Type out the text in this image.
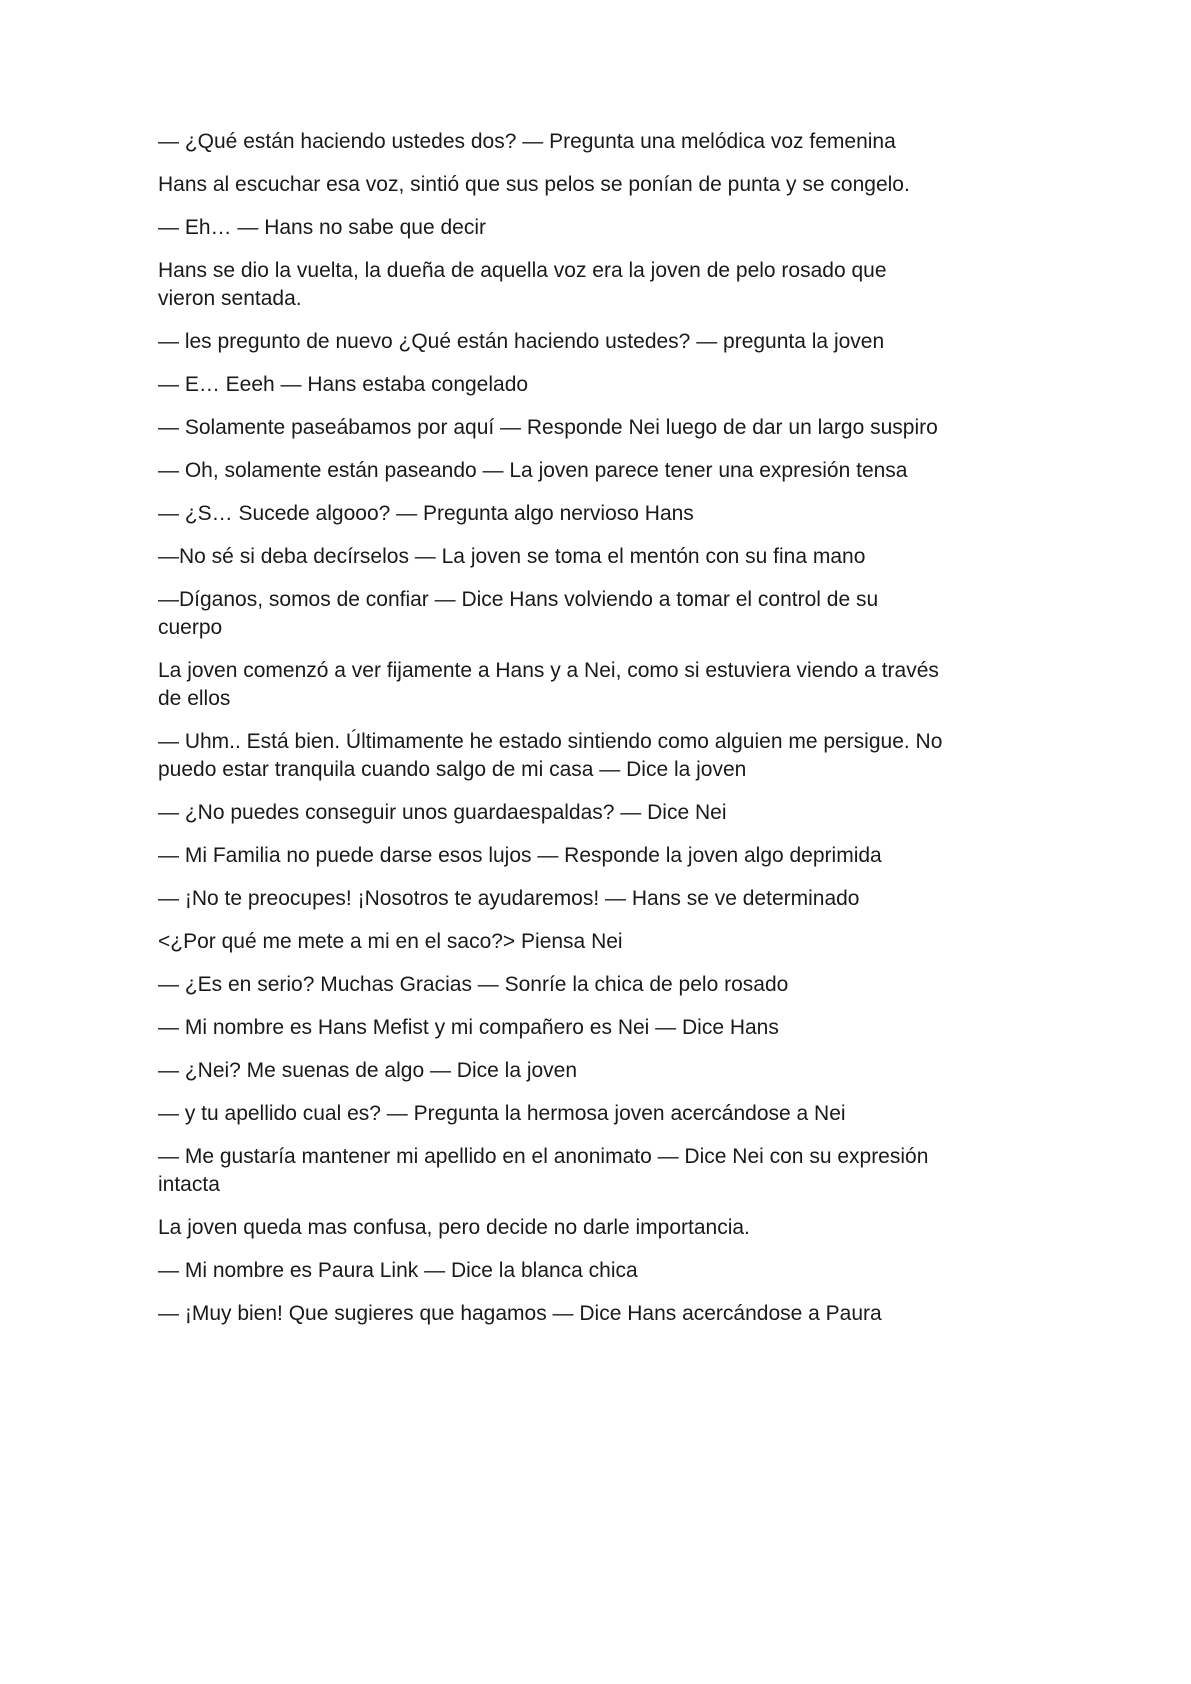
— ¿Qué están haciendo ustedes dos? — Pregunta una melódica voz femenina

Hans al escuchar esa voz, sintió que sus pelos se ponían de punta y se congelo.

— Eh… — Hans no sabe que decir

Hans se dio la vuelta, la dueña de aquella voz era la joven de pelo rosado que vieron sentada.

— les pregunto de nuevo ¿Qué están haciendo ustedes? — pregunta la joven

— E… Eeeh — Hans estaba congelado

— Solamente paseábamos por aquí — Responde Nei luego de dar un largo suspiro

— Oh, solamente están paseando — La joven parece tener una expresión tensa

— ¿S… Sucede algooo? — Pregunta algo nervioso Hans

—No sé si deba decírselos — La joven se toma el mentón con su fina mano

—Díganos, somos de confiar — Dice Hans volviendo a tomar el control de su cuerpo

La joven comenzó a ver fijamente a Hans y a Nei, como si estuviera viendo a través de ellos

— Uhm.. Está bien. Últimamente he estado sintiendo como alguien me persigue. No puedo estar tranquila cuando salgo de mi casa — Dice la joven

— ¿No puedes conseguir unos guardaespaldas? — Dice Nei

— Mi Familia no puede darse esos lujos — Responde la joven algo deprimida

— ¡No te preocupes! ¡Nosotros te ayudaremos! — Hans se ve determinado

<¿Por qué me mete a mi en el saco?> Piensa Nei

— ¿Es en serio? Muchas Gracias — Sonríe la chica de pelo rosado

— Mi nombre es Hans Mefist y mi compañero es Nei — Dice Hans

— ¿Nei? Me suenas de algo — Dice la joven

— y tu apellido cual es? — Pregunta la hermosa joven acercándose a Nei

— Me gustaría mantener mi apellido en el anonimato — Dice Nei con su expresión intacta

La joven queda mas confusa, pero decide no darle importancia.

— Mi nombre es Paura Link — Dice la blanca chica

— ¡Muy bien! Que sugieres que hagamos — Dice Hans acercándose a Paura
